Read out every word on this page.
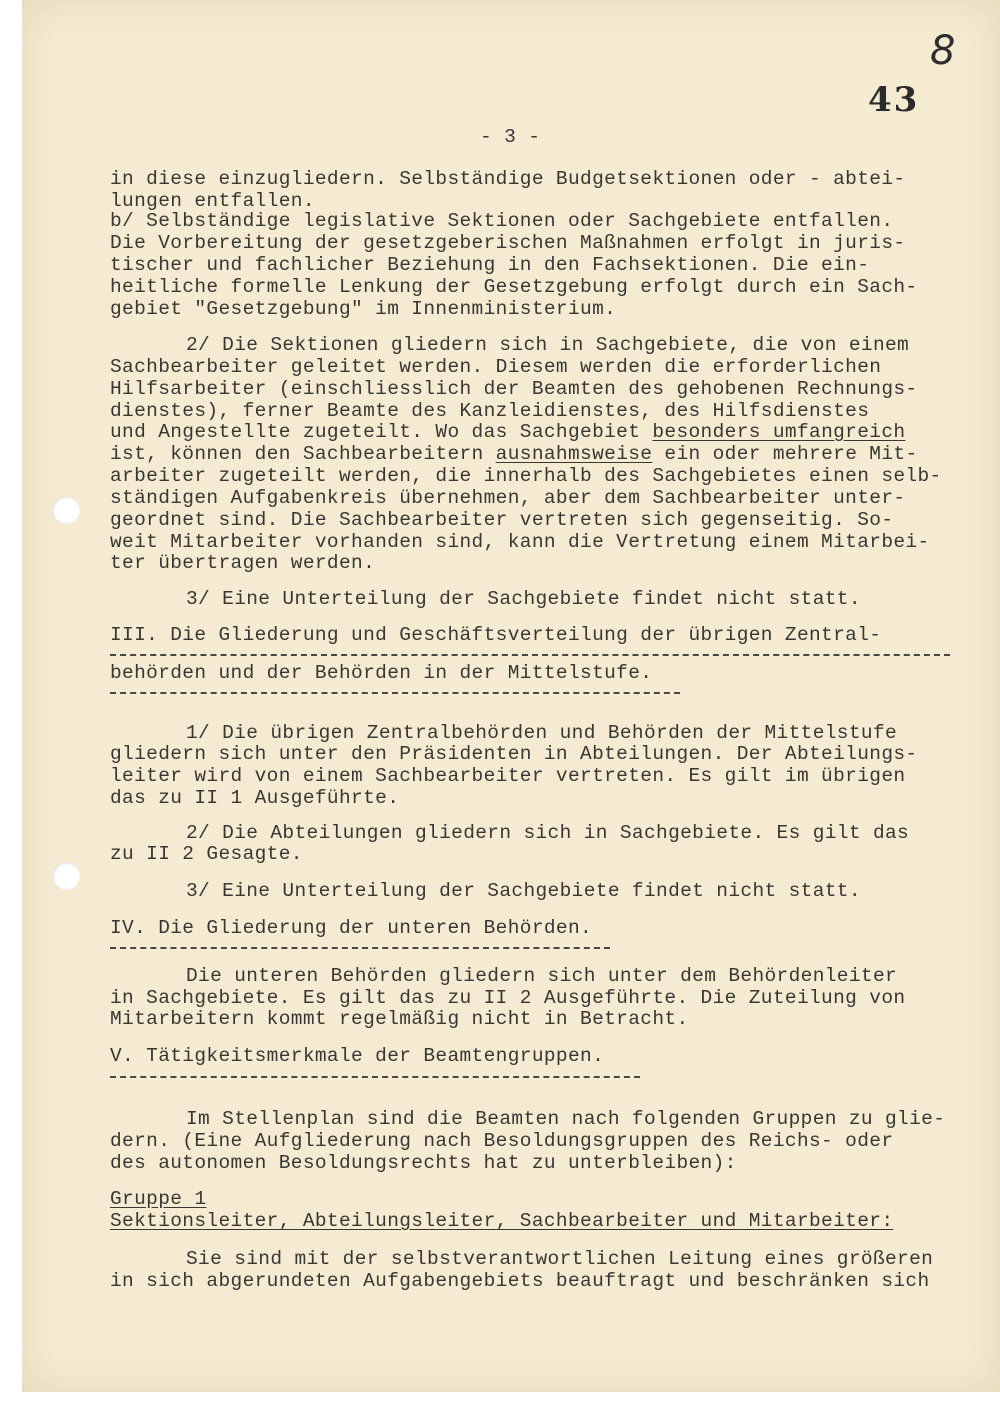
8
43
- 3 -
in diese einzugliedern. Selbständige Budgetsektionen oder - abtei-
lungen entfallen.
b/ Selbständige legislative Sektionen oder Sachgebiete entfallen.
Die Vorbereitung der gesetzgeberischen Maßnahmen erfolgt in juris-
tischer und fachlicher Beziehung in den Fachsektionen. Die ein-
heitliche formelle Lenkung der Gesetzgebung erfolgt durch ein Sach-
gebiet "Gesetzgebung" im Innenministerium.
2/ Die Sektionen gliedern sich in Sachgebiete, die von einem
Sachbearbeiter geleitet werden. Diesem werden die erforderlichen
Hilfsarbeiter (einschliesslich der Beamten des gehobenen Rechnungs-
dienstes), ferner Beamte des Kanzleidienstes, des Hilfsdienstes
und Angestellte zugeteilt. Wo das Sachgebiet besonders umfangreich
ist, können den Sachbearbeitern ausnahmsweise ein oder mehrere Mit-
arbeiter zugeteilt werden, die innerhalb des Sachgebietes einen selb-
ständigen Aufgabenkreis übernehmen, aber dem Sachbearbeiter unter-
geordnet sind. Die Sachbearbeiter vertreten sich gegenseitig. So-
weit Mitarbeiter vorhanden sind, kann die Vertretung einem Mitarbei-
ter übertragen werden.
3/ Eine Unterteilung der Sachgebiete findet nicht statt.
III. Die Gliederung und Geschäftsverteilung der übrigen Zentral-
behörden und der Behörden in der Mittelstufe.
1/ Die übrigen Zentralbehörden und Behörden der Mittelstufe
gliedern sich unter den Präsidenten in Abteilungen. Der Abteilungs-
leiter wird von einem Sachbearbeiter vertreten. Es gilt im übrigen
das zu II 1 Ausgeführte.
2/ Die Abteilungen gliedern sich in Sachgebiete. Es gilt das
zu II 2 Gesagte.
3/ Eine Unterteilung der Sachgebiete findet nicht statt.
IV. Die Gliederung der unteren Behörden.
Die unteren Behörden gliedern sich unter dem Behördenleiter
in Sachgebiete. Es gilt das zu II 2 Ausgeführte. Die Zuteilung von
Mitarbeitern kommt regelmäßig nicht in Betracht.
V. Tätigkeitsmerkmale der Beamtengruppen.
Im Stellenplan sind die Beamten nach folgenden Gruppen zu glie-
dern. (Eine Aufgliederung nach Besoldungsgruppen des Reichs- oder
des autonomen Besoldungsrechts hat zu unterbleiben):
Gruppe 1
Sektionsleiter, Abteilungsleiter, Sachbearbeiter und Mitarbeiter:
Sie sind mit der selbstverantwortlichen Leitung eines größeren
in sich abgerundeten Aufgabengebiets beauftragt und beschränken sich
